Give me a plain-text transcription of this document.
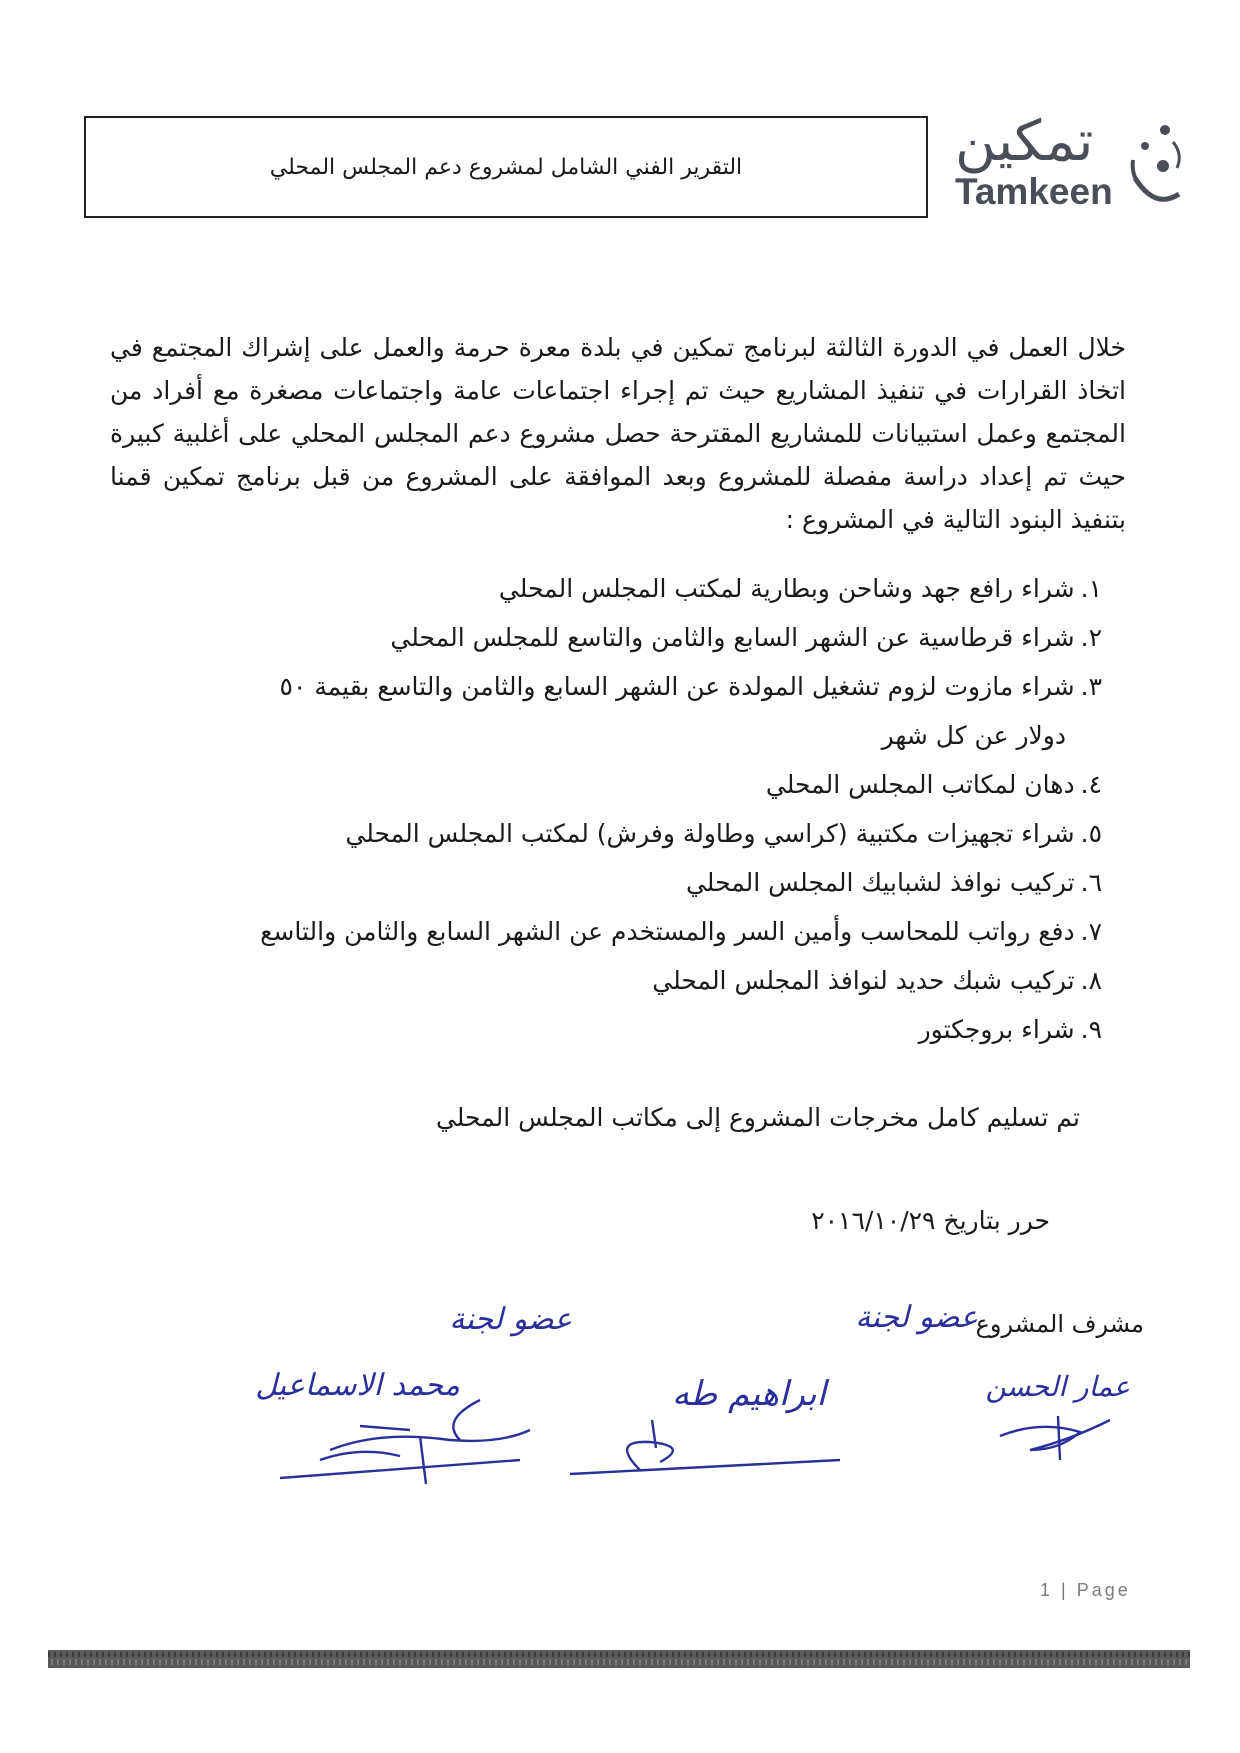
تمكين
Tamkeen
التقرير الفني الشامل لمشروع دعم المجلس المحلي
خلال العمل في الدورة الثالثة لبرنامج تمكين في بلدة معرة حرمة والعمل على إشراك المجتمع في اتخاذ القرارات في تنفيذ المشاريع حيث تم إجراء اجتماعات عامة واجتماعات مصغرة مع أفراد من المجتمع وعمل استبيانات للمشاريع المقترحة حصل مشروع دعم المجلس المحلي على أغلبية كبيرة حيث تم إعداد دراسة مفصلة للمشروع وبعد الموافقة على المشروع من قبل برنامج تمكين قمنا بتنفيذ البنود التالية في المشروع :
١.شراء رافع جهد وشاحن وبطارية لمكتب المجلس المحلي
٢.شراء قرطاسية عن الشهر السابع والثامن والتاسع للمجلس المحلي
٣.شراء مازوت لزوم تشغيل المولدة عن الشهر السابع والثامن والتاسع بقيمة ٥٠
دولار عن كل شهر
٤.دهان لمكاتب المجلس المحلي
٥.شراء تجهيزات مكتبية (كراسي وطاولة وفرش) لمكتب المجلس المحلي
٦.تركيب نوافذ لشبابيك المجلس المحلي
٧.دفع رواتب للمحاسب وأمين السر والمستخدم عن الشهر السابع والثامن والتاسع
٨.تركيب شبك حديد لنوافذ المجلس المحلي
٩.شراء بروجكتور
تم تسليم كامل مخرجات المشروع إلى مكاتب المجلس المحلي
حرر بتاريخ ٢٠١٦/١٠/٢٩
مشرف المشروع
عضو لجنة
عضو لجنة
عمار الحسن
ابراهيم طه
محمد الاسماعيل
1 | Page
